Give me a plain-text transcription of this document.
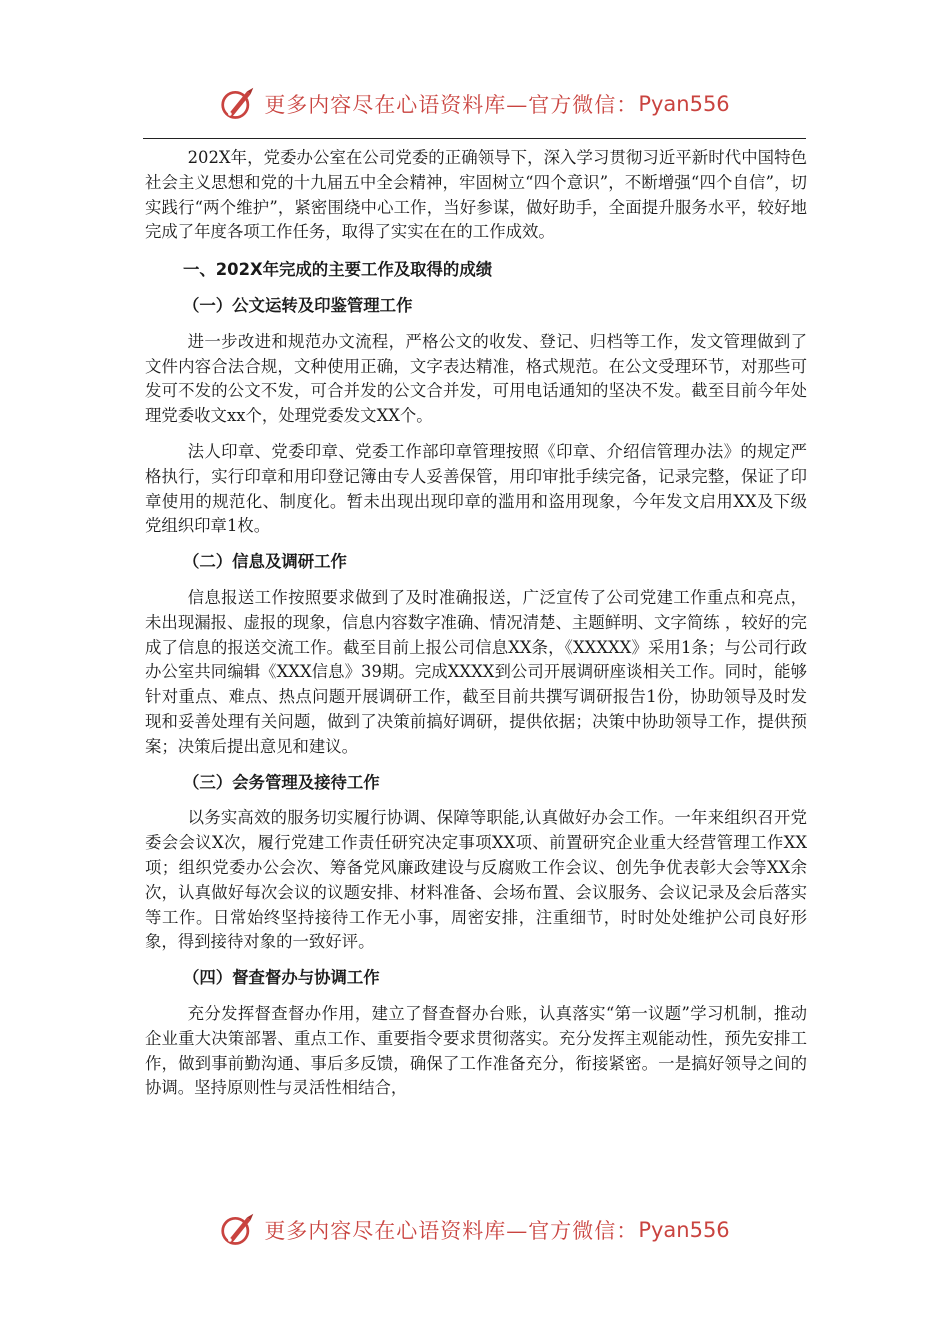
更多内容尽在心语资料库—官方微信： Pyan556

202X年，党委办公室在公司党委的正确领导下，深入学习贯彻习近平新时代中国特色社会主义思想和党的十九届五中全会精神，牢固树立“四个意识”，不断增强“四个自信”，切实践行“两个维护”，紧密围绕中心工作，当好参谋，做好助手，全面提升服务水平，较好地完成了年度各项工作任务，取得了实实在在的工作成效。

一、202X年完成的主要工作及取得的成绩

（一）公文运转及印鉴管理工作

进一步改进和规范办文流程，严格公文的收发、登记、归档等工作，发文管理做到了文件内容合法合规，文种使用正确，文字表达精准，格式规范。在公文受理环节，对那些可发可不发的公文不发，可合并发的公文合并发，可用电话通知的坚决不发。截至目前今年处理党委收文xx个，处理党委发文XX个。

法人印章、党委印章、党委工作部印章管理按照《印章、介绍信管理办法》的规定严格执行，实行印章和用印登记簿由专人妥善保管，用印审批手续完备，记录完整，保证了印章使用的规范化、制度化。暂未出现出现印章的滥用和盗用现象，今年发文启用XX及下级党组织印章1枚。

（二）信息及调研工作

信息报送工作按照要求做到了及时准确报送，广泛宣传了公司党建工作重点和亮点，未出现漏报、虚报的现象，信息内容数字准确、情况清楚、主题鲜明、文字简练 ，较好的完成了信息的报送交流工作。截至目前上报公司信息XX条，《XXXXX》采用1条；与公司行政办公室共同编辑《XXX信息》39期。完成XXXX到公司开展调研座谈相关工作。同时，能够针对重点、难点、热点问题开展调研工作，截至目前共撰写调研报告1份，协助领导及时发现和妥善处理有关问题，做到了决策前搞好调研，提供依据；决策中协助领导工作，提供预案；决策后提出意见和建议。

（三）会务管理及接待工作

以务实高效的服务切实履行协调、保障等职能,认真做好办会工作。一年来组织召开党委会会议X次，履行党建工作责任研究决定事项XX项、前置研究企业重大经营管理工作XX项；组织党委办公会次、筹备党风廉政建设与反腐败工作会议、创先争优表彰大会等XX余次，认真做好每次会议的议题安排、材料准备、会场布置、会议服务、会议记录及会后落实等工作。日常始终坚持接待工作无小事，周密安排，注重细节，时时处处维护公司良好形象，得到接待对象的一致好评。

（四）督查督办与协调工作

充分发挥督查督办作用，建立了督查督办台账，认真落实“第一议题”学习机制，推动企业重大决策部署、重点工作、重要指令要求贯彻落实。充分发挥主观能动性，预先安排工作，做到事前勤沟通、事后多反馈，确保了工作准备充分，衔接紧密。一是搞好领导之间的协调。坚持原则性与灵活性相结合，

更多内容尽在心语资料库—官方微信： Pyan556
